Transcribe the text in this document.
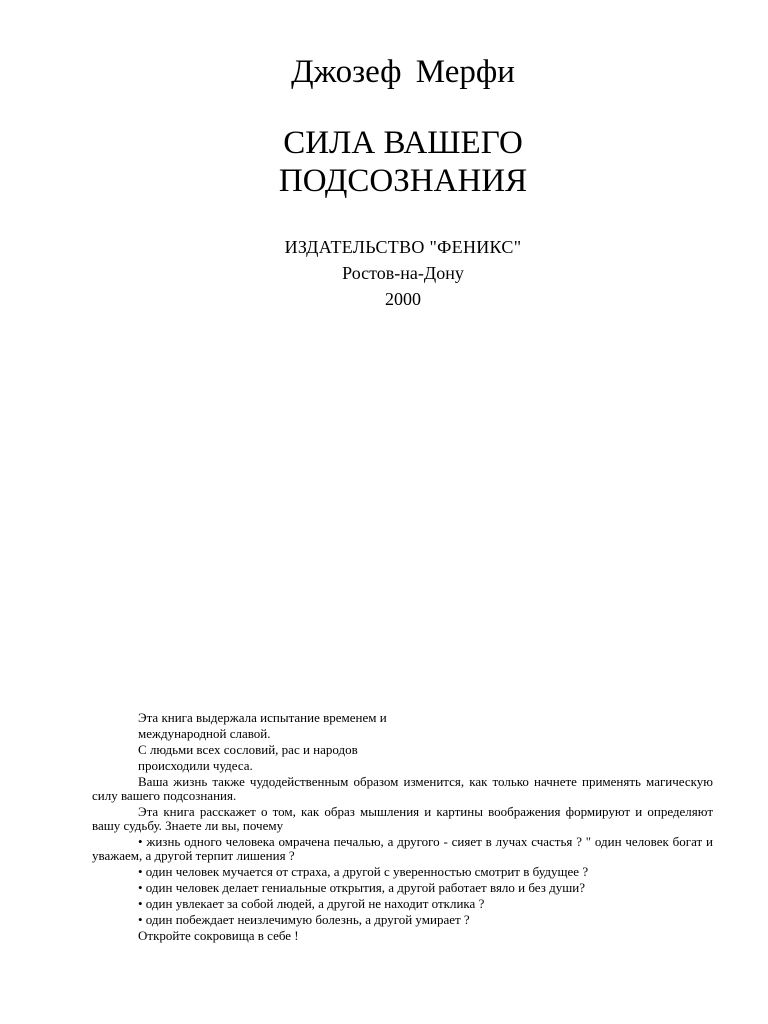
Джозеф Мерфи
СИЛА ВАШЕГО
ПОДСОЗНАНИЯ
ИЗДАТЕЛЬСТВО "ФЕНИКС"
Ростов-на-Дону
2000
Эта книга выдержала испытание временем и
международной славой.
С людьми всех сословий, рас и народов
происходили чудеса.
Ваша жизнь также чудодейственным образом изменится, как только начнете применять магическую силу вашего подсознания.
Эта книга расскажет о том, как образ мышления и картины воображения формируют и определяют вашу судьбу. Знаете ли вы, почему
• жизнь одного человека омрачена печалью, а другого - сияет в лучах счастья ? " один человек богат и уважаем, а другой терпит лишения ?
• один человек мучается от страха, а другой с уверенностью смотрит в будущее ?
• один человек делает гениальные открытия, а другой работает вяло и без души?
• один увлекает за собой людей, а другой не находит отклика ?
• один побеждает неизлечимую болезнь, а другой умирает ?
Откройте сокровища в себе !
